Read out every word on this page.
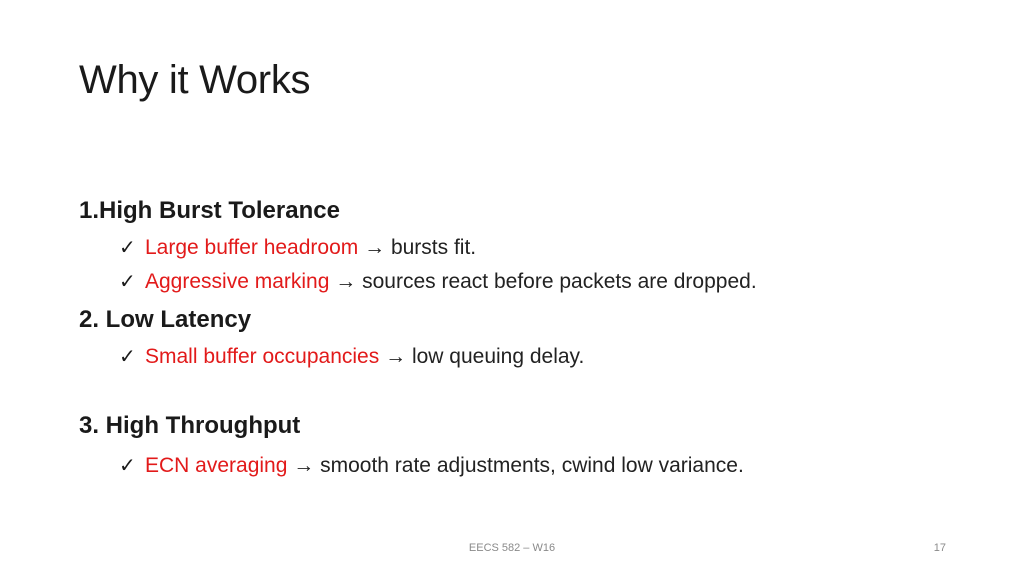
Why it Works
1.High Burst Tolerance
✓ Large buffer headroom → bursts fit.
✓ Aggressive marking → sources react before packets are dropped.
2. Low Latency
✓ Small buffer occupancies → low queuing delay.
3. High Throughput
✓ ECN averaging → smooth rate adjustments, cwind low variance.
EECS 582 – W16	17
